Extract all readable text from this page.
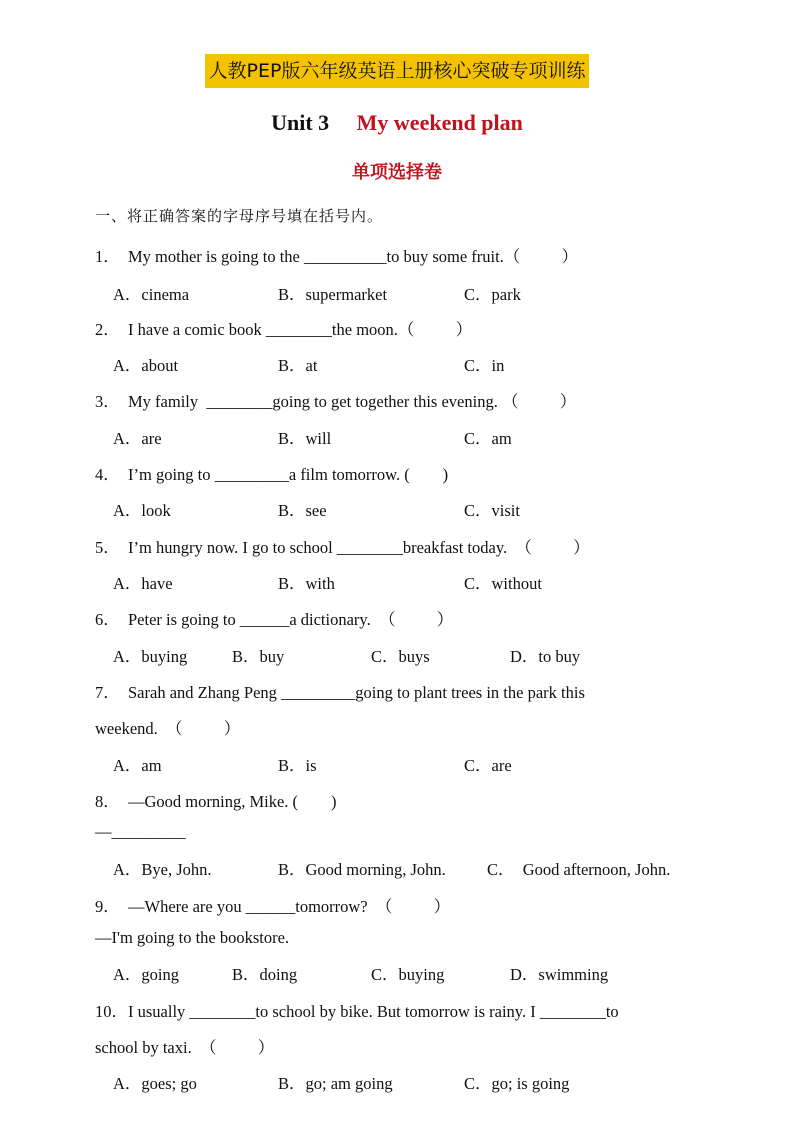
人教PEP版六年级英语上册核心突破专项训练
Unit 3 My weekend plan
单项选择卷
一、将正确答案的字母序号填在括号内。
1．  My mother is going to the __________to buy some fruit.（          ）
A．cinema	B．supermarket	C．park
2．  I have a comic book ________the moon.（          ）
A．about	B．at	C．in
3．  My family  ________going to get together this evening. （          ）
A．are	B．will	C．am
4．  I’m going to _________a film tomorrow. (        )
A．look	B．see	C．visit
5．  I’m hungry now. I go to school ________breakfast today.  （          ）
A．have	B．with	C．without
6．  Peter is going to ______a dictionary.  （          ）
A．buying	B．buy	C．buys	D．to buy
7．  Sarah and Zhang Peng _________going to plant trees in the park this
weekend.  （          ）
A．am	B．is	C．are
8．  —Good morning, Mike. (        )
—_________
A．Bye, John.	B．Good morning, John. C．  Good afternoon, John.
9．  —Where are you ______tomorrow?  （          ）
—I'm going to the bookstore.
A．going	B．doing	C．buying	D．swimming
10．I usually ________to school by bike. But tomorrow is rainy. I ________to
school by taxi.  （          ）
A．goes; go	B．go; am going	C．go; is going
